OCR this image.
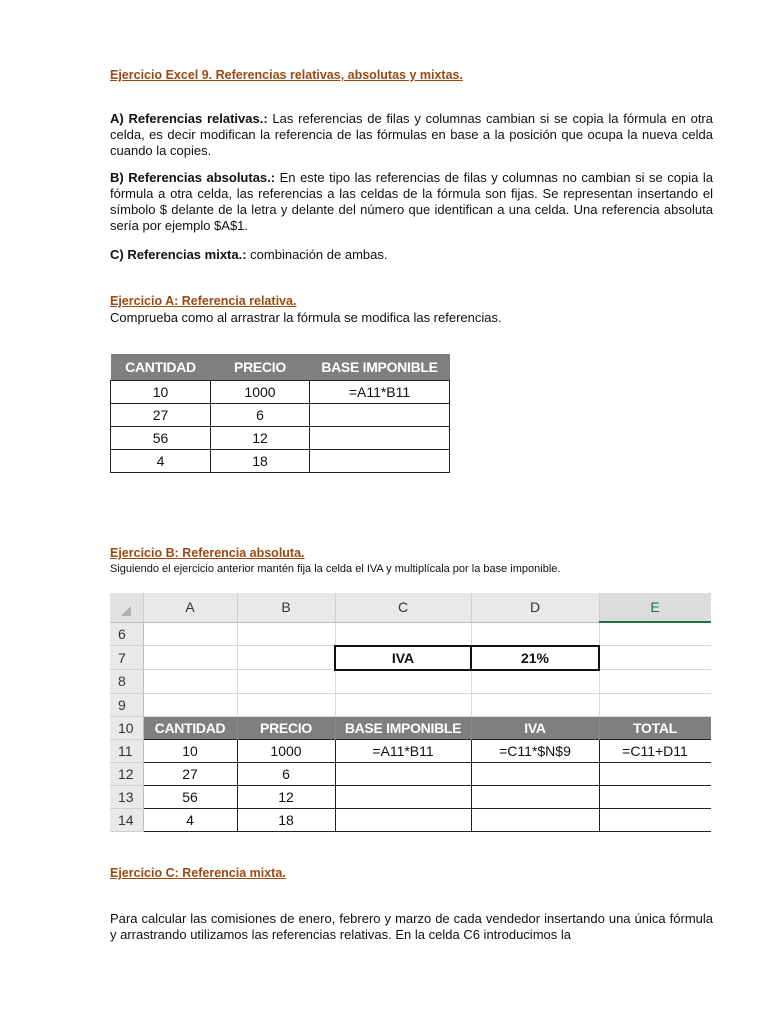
Ejercicio Excel 9. Referencias relativas, absolutas y mixtas.
A) Referencias relativas.: Las referencias de filas y columnas cambian si se copia la fórmula en otra celda, es decir modifican la referencia de las fórmulas en base a la posición que ocupa la nueva celda cuando la copies.
B) Referencias absolutas.: En este tipo las referencias de filas y columnas no cambian si se copia la fórmula a otra celda, las referencias a las celdas de la fórmula son fijas. Se representan insertando el símbolo $ delante de la letra y delante del número que identifican a una celda. Una referencia absoluta sería por ejemplo $A$1.
C) Referencias mixta.: combinación de ambas.
Ejercicio A: Referencia relativa.
Comprueba como al arrastrar la fórmula se modifica las referencias.
CANTIDAD	PRECIO	BASE IMPONIBLE
10	1000	=A11*B11
27	6	
56	12	
4	18	
Ejercicio B: Referencia absoluta.
Siguiendo el ejercicio anterior mantén fija la celda el IVA y multiplícala por la base imponible.
	A	B	C	D	E
6					
7			IVA	21%	
8					
9					
10	CANTIDAD	PRECIO	BASE IMPONIBLE	IVA	TOTAL
11	10	1000	=A11*B11	=C11*$N$9	=C11+D11
12	27	6			
13	56	12			
14	4	18			
Ejercicio C: Referencia mixta.
Para calcular las comisiones de enero, febrero y marzo de cada vendedor insertando una única fórmula y arrastrando utilizamos las referencias relativas. En la celda C6 introducimos la
